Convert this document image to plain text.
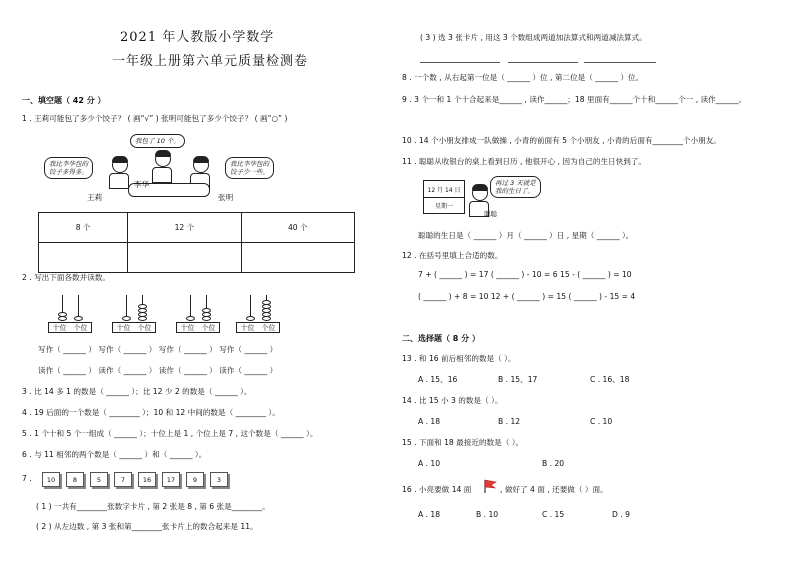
2021 年人教版小学数学
一年级上册第六单元质量检测卷
一、填空题（ 42 分 ）
1 . 王莉可能包了多少个饺子？ ( 画“√” ) 张明可能包了多少个饺子？ ( 画“○” )
我包了 10 个。
我比李华包的
饺子多得多。
我比李华包的
饺子少一些。
王莉
李华
张明
8 个	12 个	40 个

2 . 写出下面各数并读数。
十位 个位	十位 个位	十位 个位	十位 个位
写作（ ______ ） 写作（ ______ ） 写作（ ______ ） 写作（ ______ ）
读作（ ______ ） 读作（ ______ ） 读作（ ______ ） 读作（ ______ ）
3 . 比 14 多 1 的数是（ ______ ）；比 12 少 2 的数是（ ______ ）。
4 . 19 后面的一个数是（ ________ ）；10 和 12 中间的数是（ ________ ）。
5 . 1 个十和 5 个一组成（ ______ ）；十位上是 1 , 个位上是 7 , 这个数是（ ______ ）。
6 . 与 11 相邻的两个数是（ ______ ）和（ ______ ）。
7 .	10	8	5	7	16	17	9	3
( 1 ) 一共有________张数字卡片 , 第 2 张是 8 , 第 6 张是________。
( 2 ) 从左边数 , 第 3 张和第________张卡片上的数合起来是 11。
( 3 ) 选 3 张卡片 , 用这 3 个数组成两道加法算式和两道减法算式。
8 . 一个数 , 从右起第一位是（ ______ ）位 , 第二位是（ ______ ）位。
9 . 3 个一和 1 个十合起来是______ , 读作______；18 里面有______个十和______个一 , 读作______。
10 . 14 个小朋友排成一队做操 , 小青的前面有 5 个小朋友 , 小青的后面有________个小朋友。
11 . 聪聪从收银台的桌上看到日历 , 他很开心 , 因为自己的生日快到了。
12 月 14 日
星期一
再过 3 天就是
我的生日了。
聪聪
聪聪的生日是（ ______ ）月（ ______ ）日 , 星期（ ______ ）。
12 . 在括号里填上合适的数。
7 + ( ______ ) = 17 ( ______ ) - 10 = 6 15 - ( ______ ) = 10
( ______ ) + 8 = 10 12 + ( ______ ) = 15 ( ______ ) - 15 = 4
二、选择题（ 8 分 ）
13 . 和 16 前后相邻的数是（ ）。
A . 15、16	B . 15、17	C . 16、18
14 . 比 15 小 3 的数是（ ）。
A . 18	B . 12	C . 10
15 . 下面和 18 最接近的数是（ ）。
A . 10	B . 20
16 . 小亮要做 14 面	, 做好了 4 面 , 还要做（ ）面。
A . 18	B . 10	C . 15	D . 9
